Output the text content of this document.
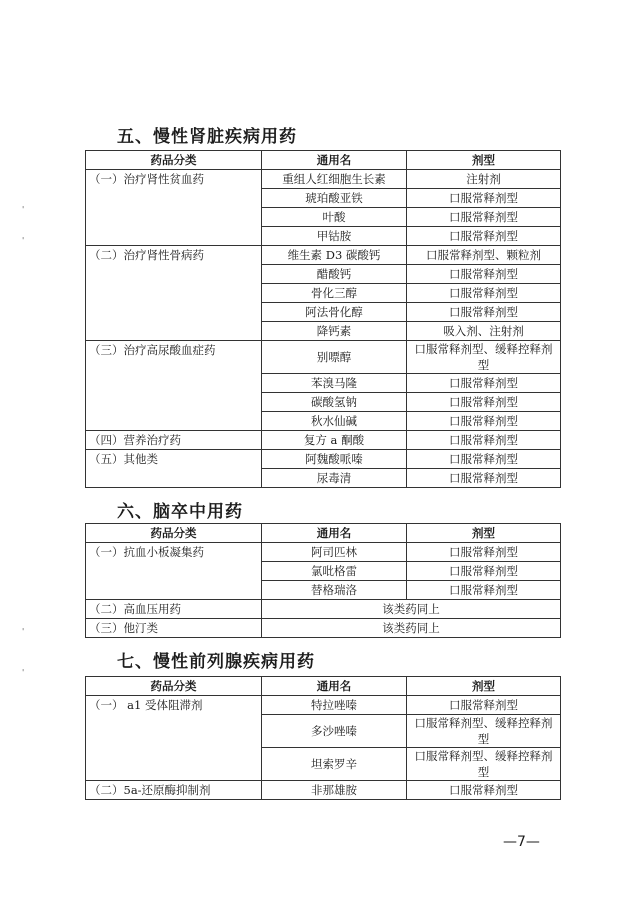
'
'
'
'
五、慢性肾脏疾病用药
药品分类	通用名	剂型
（一）治疗肾性贫血药	重组人红细胞生长素	注射剂
	琥珀酸亚铁	口服常释剂型
	叶酸	口服常释剂型
	甲钴胺	口服常释剂型
（二）治疗肾性骨病药	维生素 D3 碳酸钙	口服常释剂型、颗粒剂
	醋酸钙	口服常释剂型
	骨化三醇	口服常释剂型
	阿法骨化醇	口服常释剂型
	降钙素	吸入剂、注射剂
（三）治疗高尿酸血症药	别嘌醇	口服常释剂型、缓释控释剂型
	苯溴马隆	口服常释剂型
	碳酸氢钠	口服常释剂型
	秋水仙碱	口服常释剂型
（四）营养治疗药	复方 a 酮酸	口服常释剂型
（五）其他类	阿魏酸哌嗪	口服常释剂型
	尿毒清	口服常释剂型
六、脑卒中用药
药品分类	通用名	剂型
（一）抗血小板凝集药	阿司匹林	口服常释剂型
	氯吡格雷	口服常释剂型
	替格瑞洛	口服常释剂型
（二）高血压用药	该类药同上	
（三）他汀类	该类药同上	
七、慢性前列腺疾病用药
药品分类	通用名	剂型
（一） a1 受体阻滞剂	特拉唑嗪	口服常释剂型
	多沙唑嗪	口服常释剂型、缓释控释剂型
	坦索罗辛	口服常释剂型、缓释控释剂型
（二）5a-还原酶抑制剂	非那雄胺	口服常释剂型
—7—
